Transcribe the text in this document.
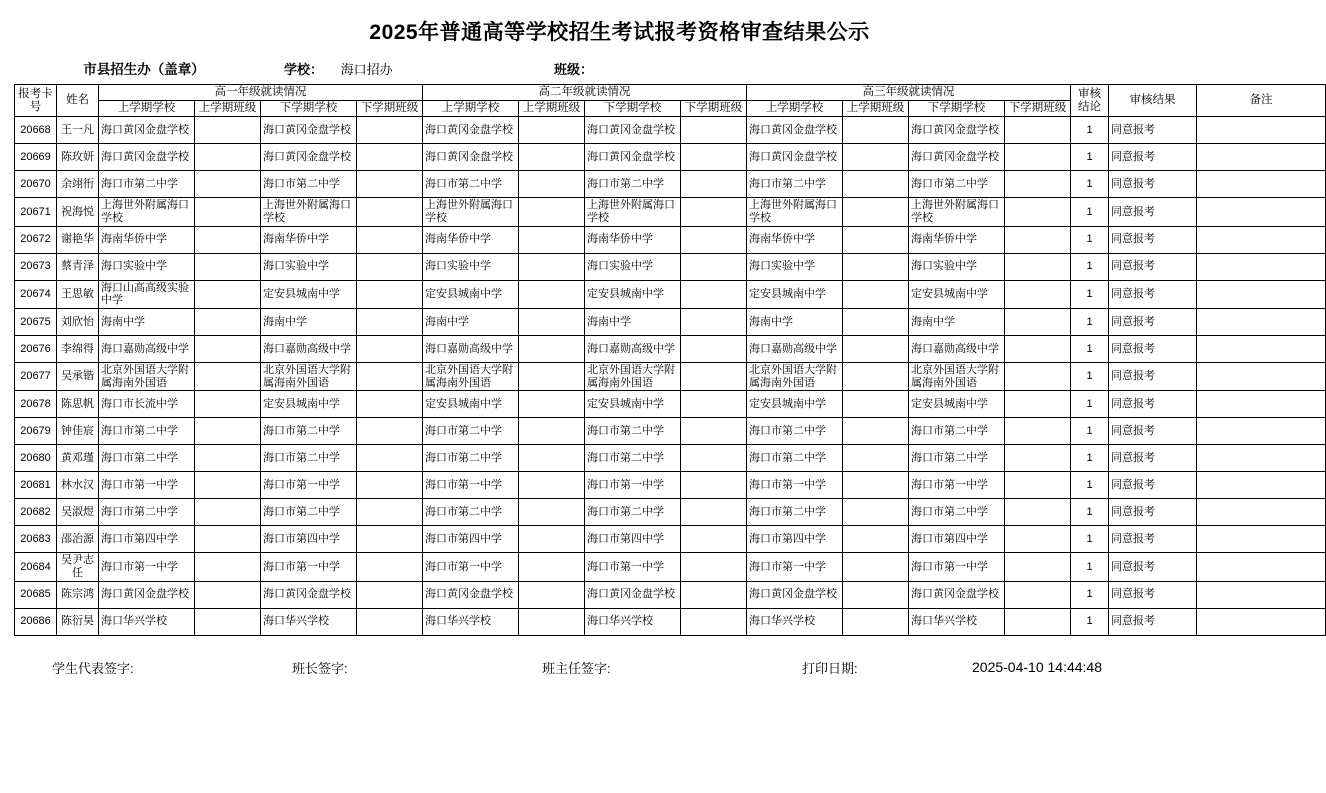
2025年普通高等学校招生考试报考资格审查结果公示
市县招生办（盖章）	学校： 海口招办	班级：
报考卡号	姓名	高一年级就读情况				高二年级就读情况				高三年级就读情况				审核结论	审核结果	备注
		上学期学校	上学期班级	下学期学校	下学期班级	上学期学校	上学期班级	下学期学校	下学期班级	上学期学校	上学期班级	下学期学校	下学期班级			
20668	王一凡	海口黄冈金盘学校		海口黄冈金盘学校		海口黄冈金盘学校		海口黄冈金盘学校		海口黄冈金盘学校		海口黄冈金盘学校		1	同意报考	
20669	陈玫妍	海口黄冈金盘学校		海口黄冈金盘学校		海口黄冈金盘学校		海口黄冈金盘学校		海口黄冈金盘学校		海口黄冈金盘学校		1	同意报考	
20670	余翊衎	海口市第二中学		海口市第二中学		海口市第二中学		海口市第二中学		海口市第二中学		海口市第二中学		1	同意报考	
20671	祝海悦	上海世外附属海口学校		上海世外附属海口学校		上海世外附属海口学校		上海世外附属海口学校		上海世外附属海口学校		上海世外附属海口学校		1	同意报考	
20672	谢艳华	海南华侨中学		海南华侨中学		海南华侨中学		海南华侨中学		海南华侨中学		海南华侨中学		1	同意报考	
20673	蔡青泽	海口实验中学		海口实验中学		海口实验中学		海口实验中学		海口实验中学		海口实验中学		1	同意报考	
20674	王思敏	海口山高高级实验中学		定安县城南中学		定安县城南中学		定安县城南中学		定安县城南中学		定安县城南中学		1	同意报考	
20675	刘欣怡	海南中学		海南中学		海南中学		海南中学		海南中学		海南中学		1	同意报考	
20676	李绵得	海口嘉勋高级中学		海口嘉勋高级中学		海口嘉勋高级中学		海口嘉勋高级中学		海口嘉勋高级中学		海口嘉勋高级中学		1	同意报考	
20677	吴承锴	北京外国语大学附属海南外国语		北京外国语大学附属海南外国语		北京外国语大学附属海南外国语		北京外国语大学附属海南外国语		北京外国语大学附属海南外国语		北京外国语大学附属海南外国语		1	同意报考	
20678	陈思帆	海口市长流中学		定安县城南中学		定安县城南中学		定安县城南中学		定安县城南中学		定安县城南中学		1	同意报考	
20679	钟佳宸	海口市第二中学		海口市第二中学		海口市第二中学		海口市第二中学		海口市第二中学		海口市第二中学		1	同意报考	
20680	黄邓瑾	海口市第二中学		海口市第二中学		海口市第二中学		海口市第二中学		海口市第二中学		海口市第二中学		1	同意报考	
20681	林水汉	海口市第一中学		海口市第一中学		海口市第一中学		海口市第一中学		海口市第一中学		海口市第一中学		1	同意报考	
20682	吴淑煜	海口市第二中学		海口市第二中学		海口市第二中学		海口市第二中学		海口市第二中学		海口市第二中学		1	同意报考	
20683	邵治源	海口市第四中学		海口市第四中学		海口市第四中学		海口市第四中学		海口市第四中学		海口市第四中学		1	同意报考	
20684	吴尹志任	海口市第一中学		海口市第一中学		海口市第一中学		海口市第一中学		海口市第一中学		海口市第一中学		1	同意报考	
20685	陈宗鸿	海口黄冈金盘学校		海口黄冈金盘学校		海口黄冈金盘学校		海口黄冈金盘学校		海口黄冈金盘学校		海口黄冈金盘学校		1	同意报考	
20686	陈衍昊	海口华兴学校		海口华兴学校		海口华兴学校		海口华兴学校		海口华兴学校		海口华兴学校		1	同意报考	
学生代表签字:	班长签字:	班主任签字:	打印日期:	2025-04-10 14:44:48
